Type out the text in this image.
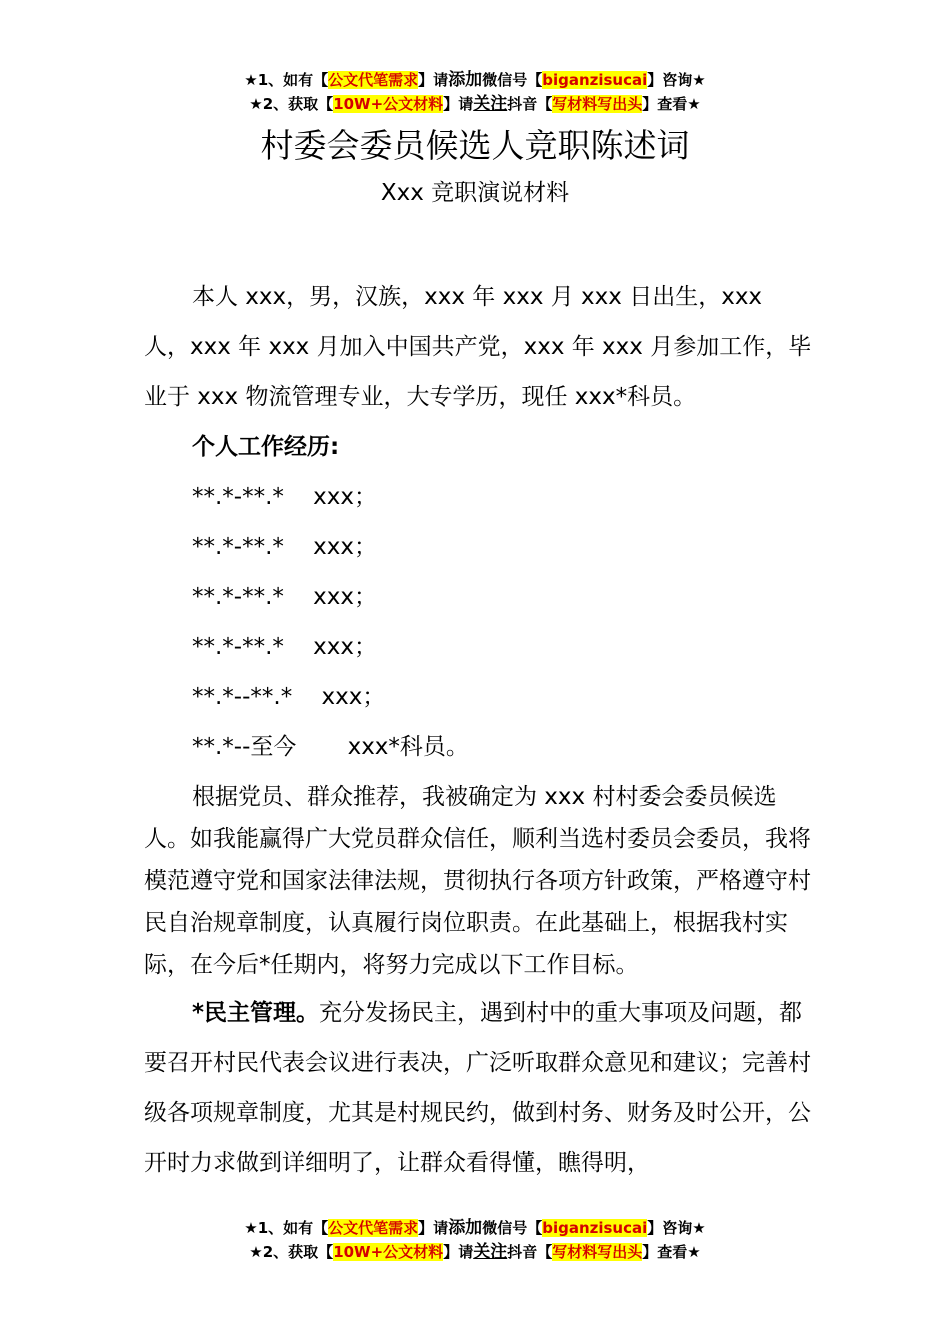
★1、如有【公文代笔需求】请添加微信号【biganzisucai】咨询★
★2、获取【10W+公文材料】请关注抖音【写材料写出头】查看★
村委会委员候选人竞职陈述词
Xxx 竞职演说材料

本人 xxx，男，汉族，xxx 年 xxx 月 xxx 日出生，xxx 人，xxx 年 xxx 月加入中国共产党，xxx 年 xxx 月参加工作，毕业于 xxx 物流管理专业，大专学历，现任 xxx*科员。

个人工作经历:

**.*-**.*    xxx；

**.*-**.*    xxx；

**.*-**.*    xxx；

**.*-**.*    xxx；

**.*--**.*    xxx；

**.*--至今       xxx*科员。

根据党员、群众推荐，我被确定为 xxx 村村委会委员候选人。如我能赢得广大党员群众信任，顺利当选村委员会委员，我将模范遵守党和国家法律法规，贯彻执行各项方针政策，严格遵守村民自治规章制度，认真履行岗位职责。在此基础上，根据我村实际，在今后*任期内，将努力完成以下工作目标。

*民主管理。充分发扬民主，遇到村中的重大事项及问题，都要召开村民代表会议进行表决，广泛听取群众意见和建议；完善村级各项规章制度，尤其是村规民约，做到村务、财务及时公开，公开时力求做到详细明了，让群众看得懂，瞧得明，

★1、如有【公文代笔需求】请添加微信号【biganzisucai】咨询★
★2、获取【10W+公文材料】请关注抖音【写材料写出头】查看★
